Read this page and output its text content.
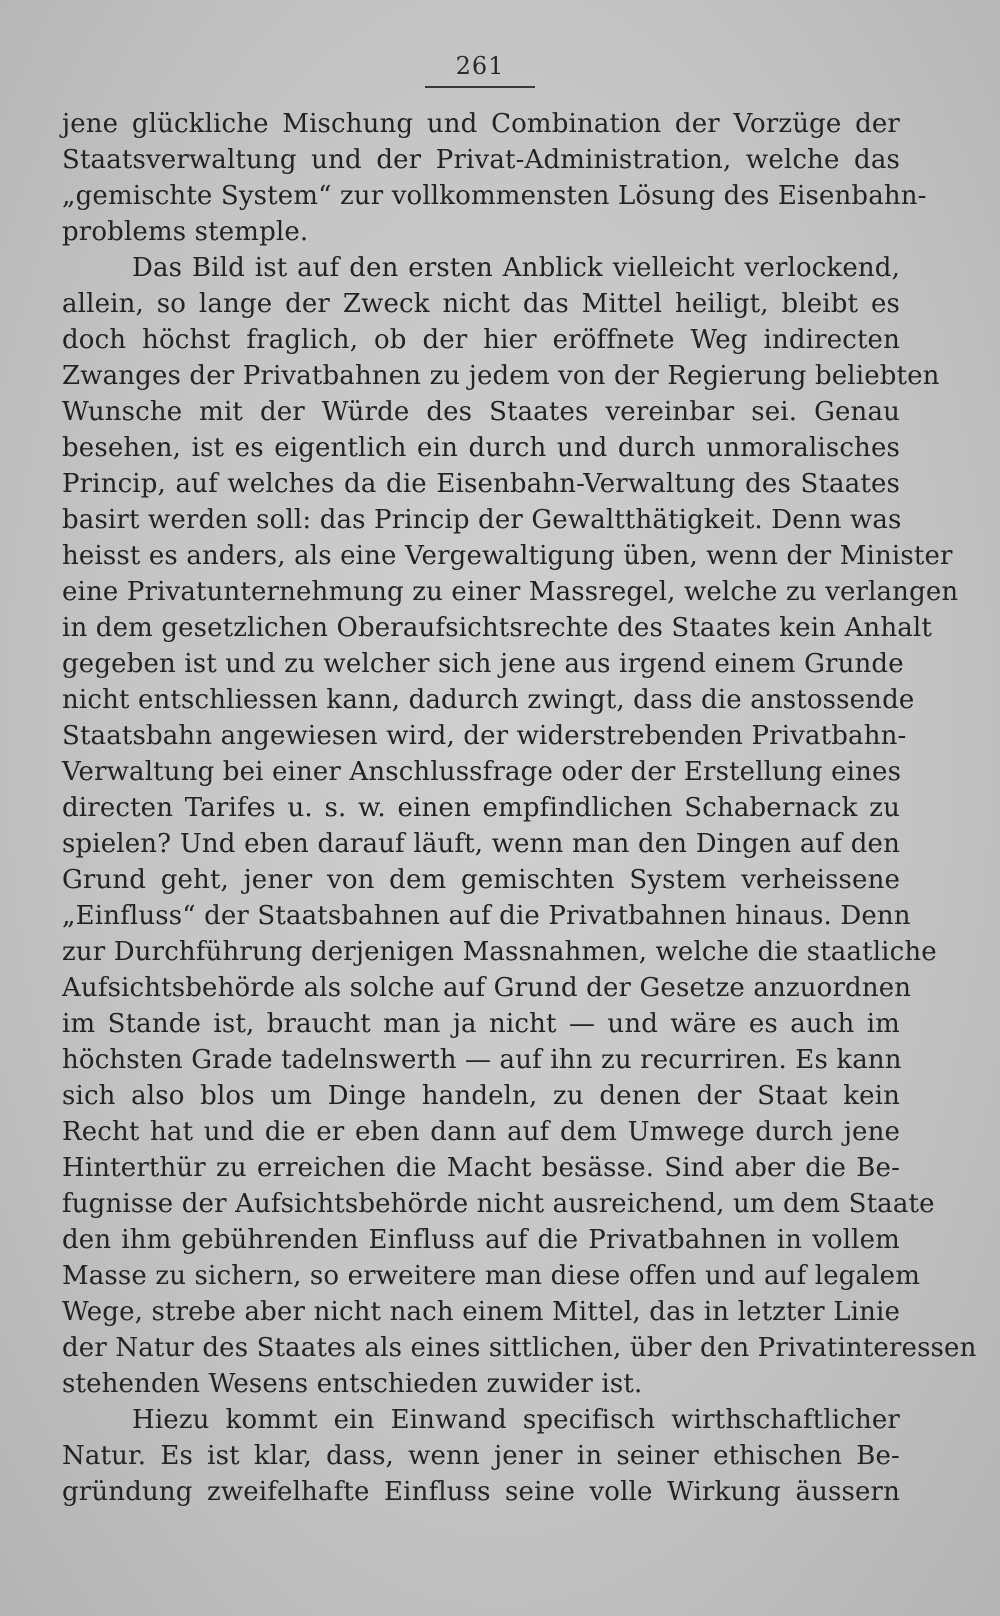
261
jene glückliche Mischung und Combination der Vorzüge der
Staatsverwaltung und der Privat-Administration, welche das
„gemischte System“ zur vollkommensten Lösung des Eisenbahn-
problems stemple.
Das Bild ist auf den ersten Anblick vielleicht verlockend,
allein, so lange der Zweck nicht das Mittel heiligt, bleibt es
doch höchst fraglich, ob der hier eröffnete Weg indirecten
Zwanges der Privatbahnen zu jedem von der Regierung beliebten
Wunsche mit der Würde des Staates vereinbar sei. Genau
besehen, ist es eigentlich ein durch und durch unmoralisches
Princip, auf welches da die Eisenbahn-Verwaltung des Staates
basirt werden soll: das Princip der Gewaltthätigkeit. Denn was
heisst es anders, als eine Vergewaltigung üben, wenn der Minister
eine Privatunternehmung zu einer Massregel, welche zu verlangen
in dem gesetzlichen Oberaufsichtsrechte des Staates kein Anhalt
gegeben ist und zu welcher sich jene aus irgend einem Grunde
nicht entschliessen kann, dadurch zwingt, dass die anstossende
Staatsbahn angewiesen wird, der widerstrebenden Privatbahn-
Verwaltung bei einer Anschlussfrage oder der Erstellung eines
directen Tarifes u. s. w. einen empfindlichen Schabernack zu
spielen? Und eben darauf läuft, wenn man den Dingen auf den
Grund geht, jener von dem gemischten System verheissene
„Einfluss“ der Staatsbahnen auf die Privatbahnen hinaus. Denn
zur Durchführung derjenigen Massnahmen, welche die staatliche
Aufsichtsbehörde als solche auf Grund der Gesetze anzuordnen
im Stande ist, braucht man ja nicht — und wäre es auch im
höchsten Grade tadelnswerth — auf ihn zu recurriren. Es kann
sich also blos um Dinge handeln, zu denen der Staat kein
Recht hat und die er eben dann auf dem Umwege durch jene
Hinterthür zu erreichen die Macht besässe. Sind aber die Be-
fugnisse der Aufsichtsbehörde nicht ausreichend, um dem Staate
den ihm gebührenden Einfluss auf die Privatbahnen in vollem
Masse zu sichern, so erweitere man diese offen und auf legalem
Wege, strebe aber nicht nach einem Mittel, das in letzter Linie
der Natur des Staates als eines sittlichen, über den Privatinteressen
stehenden Wesens entschieden zuwider ist.
Hiezu kommt ein Einwand specifisch wirthschaftlicher
Natur. Es ist klar, dass, wenn jener in seiner ethischen Be-
gründung zweifelhafte Einfluss seine volle Wirkung äussern
